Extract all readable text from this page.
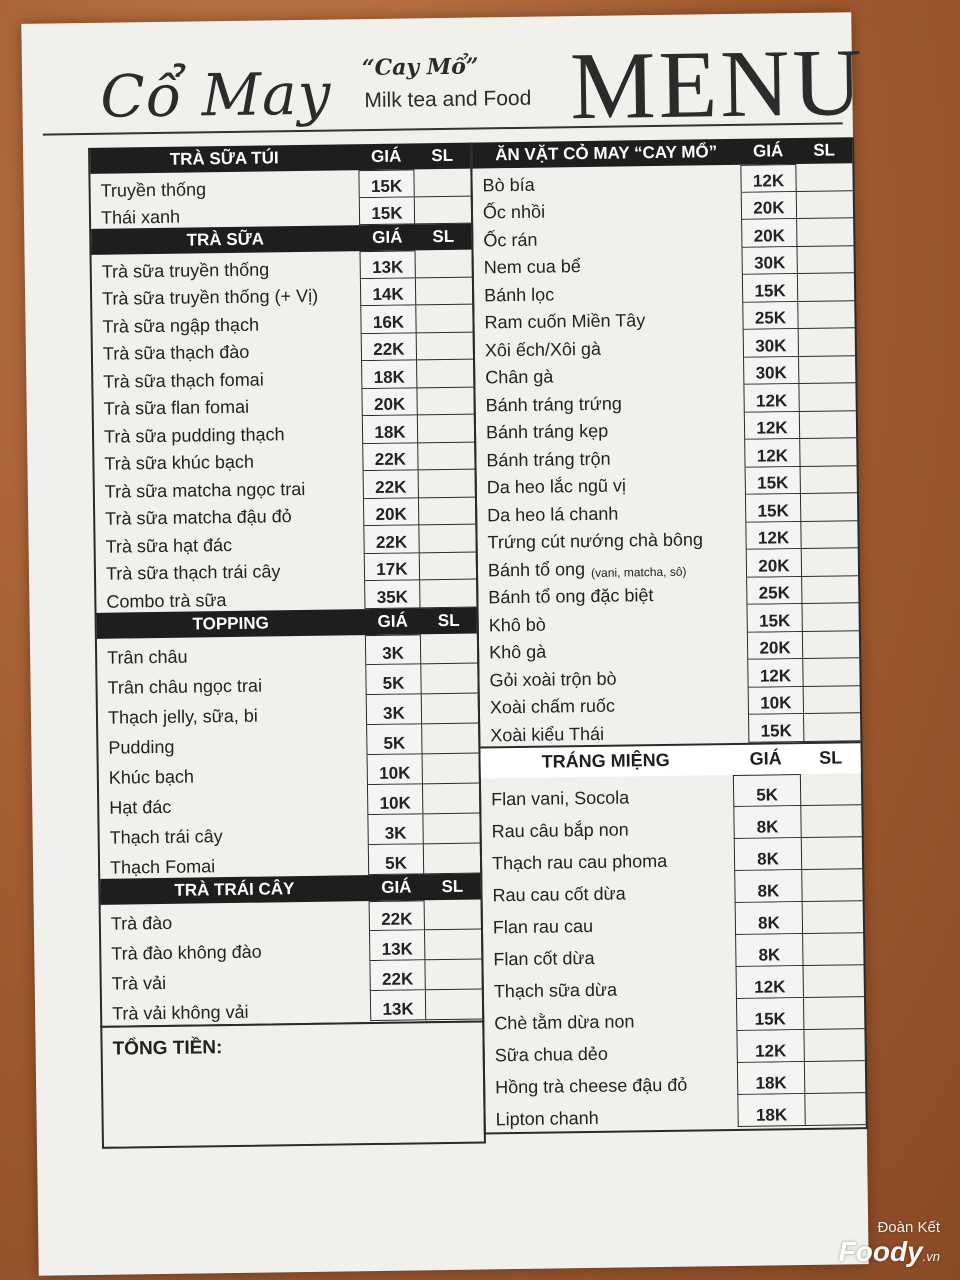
Cổ May “Cay Mổ”
Milk tea and Food MENU
TRÀ SỮA TÚI	GIÁ	SL
Truyền thống	15K
Thái xanh	15K
TRÀ SỮA	GIÁ	SL
Trà sữa truyền thống	13K
Trà sữa truyền thống (+ Vị)	14K
Trà sữa ngập thạch	16K
Trà sữa thạch đào	22K
Trà sữa thạch fomai	18K
Trà sữa flan fomai	20K
Trà sữa pudding thạch	18K
Trà sữa khúc bạch	22K
Trà sữa matcha ngọc trai	22K
Trà sữa matcha đậu đỏ	20K
Trà sữa hạt đác	22K
Trà sữa thạch trái cây	17K
Combo trà sữa	35K
TOPPING	GIÁ	SL
Trân châu	3K
Trân châu ngọc trai	5K
Thạch jelly, sữa, bi	3K
Pudding	5K
Khúc bạch	10K
Hạt đác	10K
Thạch trái cây	3K
Thạch Fomai	5K
TRÀ TRÁI CÂY	GIÁ	SL
Trà đào	22K
Trà đào không đào	13K
Trà vải	22K
Trà vải không vải	13K
TỔNG TIỀN:
ĂN VẶT CỎ MAY “CAY MỔ”	GIÁ	SL
Bò bía	12K
Ốc nhồi	20K
Ốc rán	20K
Nem cua bể	30K
Bánh lọc	15K
Ram cuốn Miền Tây	25K
Xôi ếch/Xôi gà	30K
Chân gà	30K
Bánh tráng trứng	12K
Bánh tráng kẹp	12K
Bánh tráng trộn	12K
Da heo lắc ngũ vị	15K
Da heo lá chanh	15K
Trứng cút nướng chà bông	12K
Bánh tổ ong (vani, matcha, sô)	20K
Bánh tổ ong đặc biệt	25K
Khô bò	15K
Khô gà	20K
Gỏi xoài trộn bò	12K
Xoài chấm ruốc	10K
Xoài kiểu Thái	15K
TRÁNG MIỆNG	GIÁ	SL
Flan vani, Socola	5K
Rau câu bắp non	8K
Thạch rau cau phoma	8K
Rau cau cốt dừa	8K
Flan rau cau	8K
Flan cốt dừa	8K
Thạch sữa dừa	12K
Chè tằm dừa non	15K
Sữa chua dẻo	12K
Hồng trà cheese đậu đỏ	18K
Lipton chanh	18K
Đoàn Kết
Foody.vn
